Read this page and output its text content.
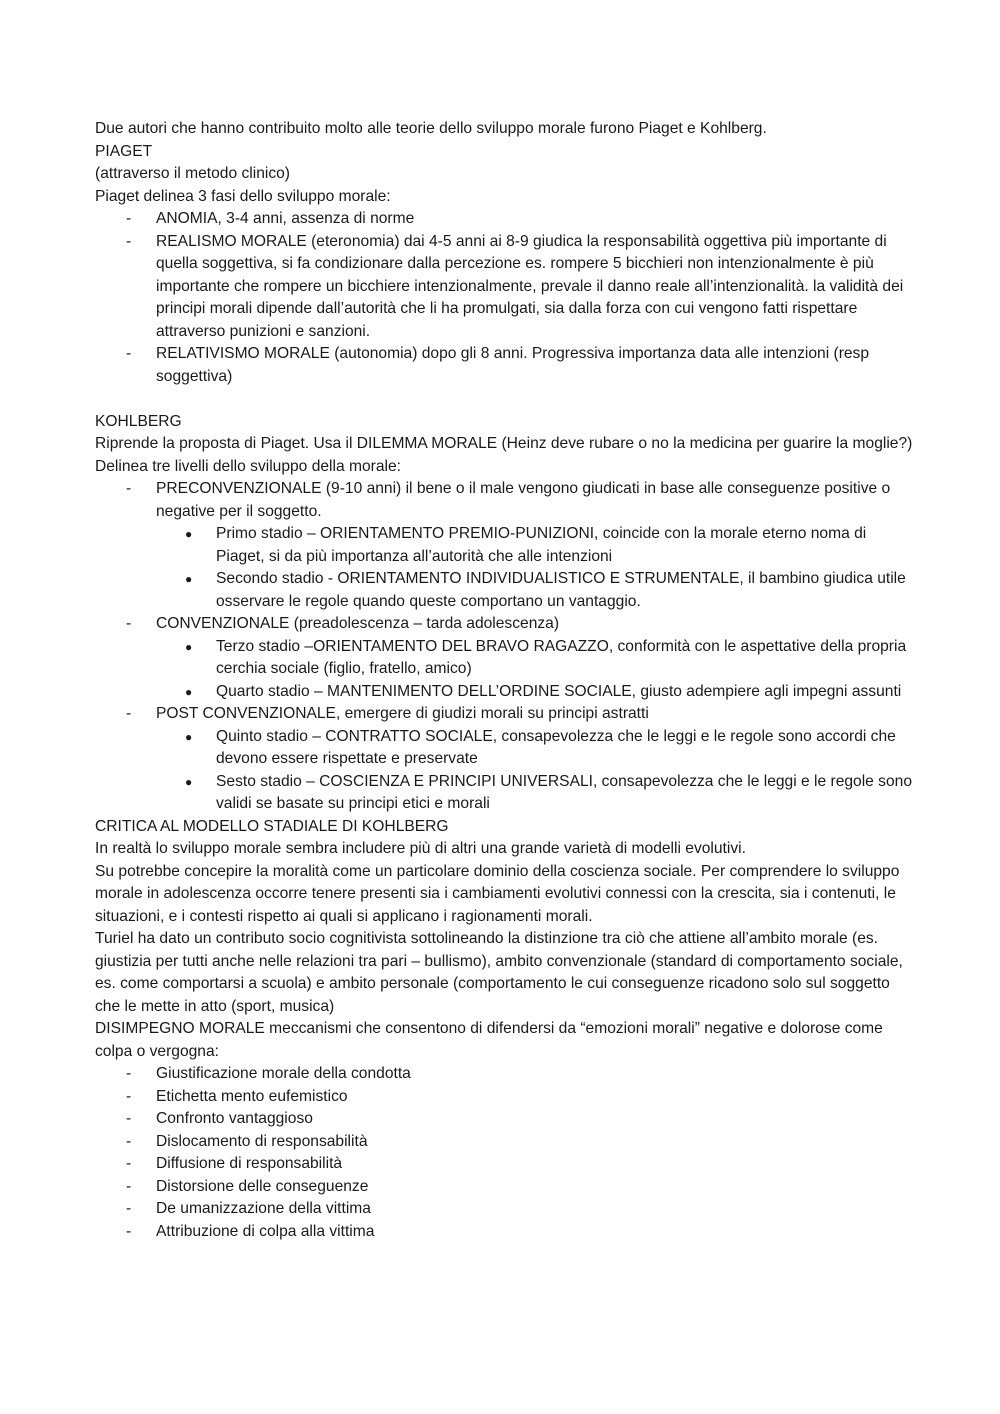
Due autori che hanno contribuito molto alle teorie dello sviluppo morale furono Piaget e Kohlberg.

PIAGET

(attraverso il metodo clinico)

Piaget delinea 3 fasi dello sviluppo morale:

- ANOMIA, 3-4 anni, assenza di norme
- REALISMO MORALE (eteronomia) dai 4-5 anni ai 8-9 giudica la responsabilità oggettiva più importante di quella soggettiva, si fa condizionare dalla percezione es. rompere 5 bicchieri non intenzionalmente è più importante che rompere un bicchiere intenzionalmente, prevale il danno reale all’intenzionalità. la validità dei principi morali dipende dall’autorità che li ha promulgati, sia dalla forza con cui vengono fatti rispettare attraverso punizioni e sanzioni.
- RELATIVISMO MORALE (autonomia) dopo gli 8 anni. Progressiva importanza data alle intenzioni (resp soggettiva)

KOHLBERG

Riprende la proposta di Piaget. Usa il DILEMMA MORALE (Heinz deve rubare o no la medicina per guarire la moglie?)

Delinea tre livelli dello sviluppo della morale:

- PRECONVENZIONALE (9-10 anni) il bene o il male vengono giudicati in base alle conseguenze positive o negative per il soggetto.
● Primo stadio – ORIENTAMENTO PREMIO-PUNIZIONI, coincide con la morale eterno noma di Piaget, si da più importanza all’autorità che alle intenzioni
● Secondo stadio - ORIENTAMENTO INDIVIDUALISTICO E STRUMENTALE, il bambino giudica utile osservare le regole quando queste comportano un vantaggio.
- CONVENZIONALE (preadolescenza – tarda adolescenza)
● Terzo stadio –ORIENTAMENTO DEL BRAVO RAGAZZO, conformità con le aspettative della propria cerchia sociale (figlio, fratello, amico)
● Quarto stadio – MANTENIMENTO DELL’ORDINE SOCIALE, giusto adempiere agli impegni assunti
- POST CONVENZIONALE, emergere di giudizi morali su principi astratti
● Quinto stadio – CONTRATTO SOCIALE, consapevolezza che le leggi e le regole sono accordi che devono essere rispettate e preservate
● Sesto stadio – COSCIENZA E PRINCIPI UNIVERSALI, consapevolezza che le leggi e le regole sono validi se basate su principi etici e morali

CRITICA AL MODELLO STADIALE DI KOHLBERG

In realtà lo sviluppo morale sembra includere più di altri una grande varietà di modelli evolutivi.

Su potrebbe concepire la moralità come un particolare dominio della coscienza sociale. Per comprendere lo sviluppo morale in adolescenza occorre tenere presenti sia i cambiamenti evolutivi connessi con la crescita, sia i contenuti, le situazioni, e i contesti rispetto ai quali si applicano i ragionamenti morali.

Turiel ha dato un contributo socio cognitivista sottolineando la distinzione tra ciò che attiene all’ambito morale (es. giustizia per tutti anche nelle relazioni tra pari – bullismo), ambito convenzionale (standard di comportamento sociale, es. come comportarsi a scuola) e ambito personale (comportamento le cui conseguenze ricadono solo sul soggetto che le mette in atto (sport, musica)

DISIMPEGNO MORALE meccanismi che consentono di difendersi da “emozioni morali” negative e dolorose come colpa o vergogna:

- Giustificazione morale della condotta
- Etichetta mento eufemistico
- Confronto vantaggioso
- Dislocamento di responsabilità
- Diffusione di responsabilità
- Distorsione delle conseguenze
- De umanizzazione della vittima
- Attribuzione di colpa alla vittima
